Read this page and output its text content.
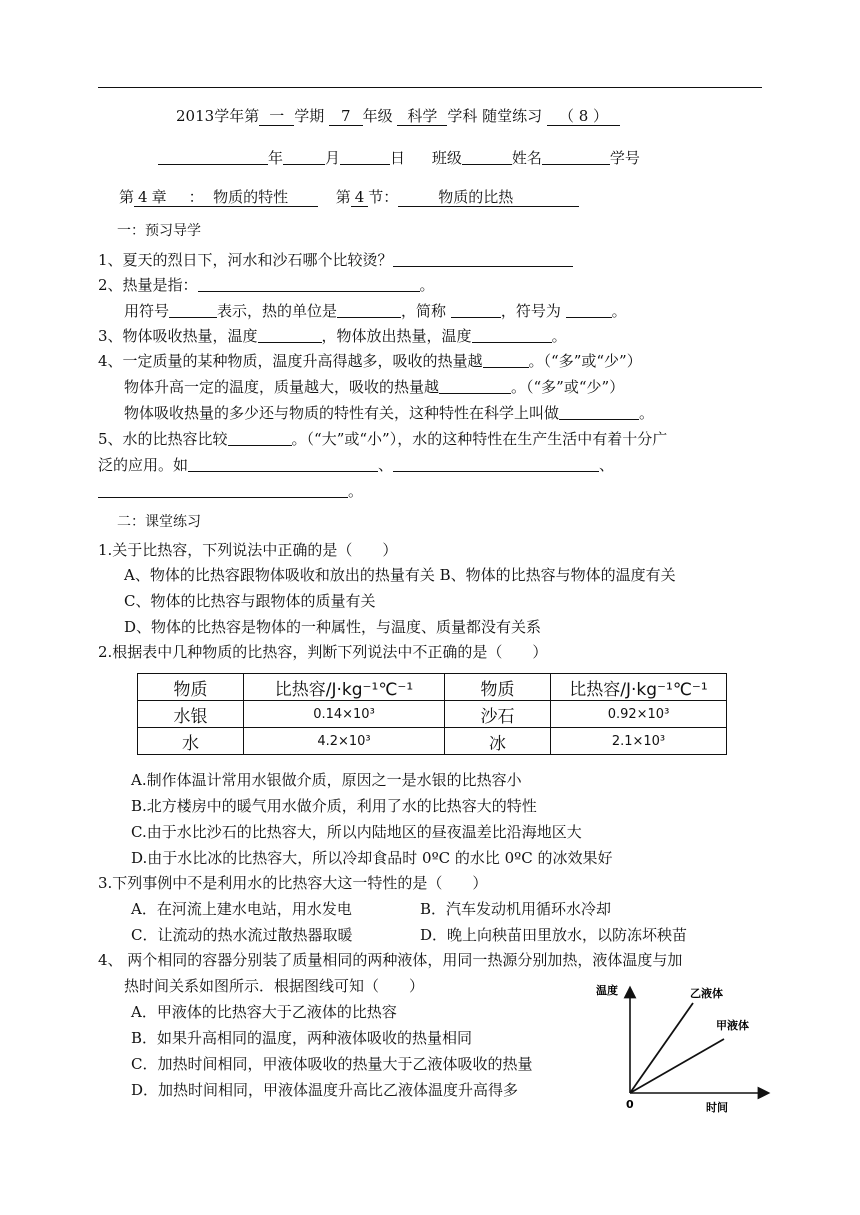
2013学年第 一 学期 7 年级 科学 学科 随堂练习 （ 8 ）
年	月	日 班级	姓名	学号
第 4 章 ：  物质的特性	第 4 节：	物质的比热
一：预习导学
1、夏天的烈日下，河水和沙石哪个比较烫？
2、热量是指：	。
用符号	表示，热的单位是	，简称	，符号为	。
3、物体吸收热量，温度	，物体放出热量，温度	。
4、一定质量的某种物质，温度升高得越多，吸收的热量越	。（“多”或“少”）
物体升高一定的温度，质量越大，吸收的热量越	。（“多”或“少”）
物体吸收热量的多少还与物质的特性有关，这种特性在科学上叫做	。
5、水的比热容比较	。（“大”或“小”），水的这种特性在生产生活中有着十分广
泛的应用。如	、	、
。
二：课堂练习
1.关于比热容，下列说法中正确的是（　　）
A、物体的比热容跟物体吸收和放出的热量有关 B、物体的比热容与物体的温度有关
C、物体的比热容与跟物体的质量有关
D、物体的比热容是物体的一种属性，与温度、质量都没有关系
2.根据表中几种物质的比热容，判断下列说法中不正确的是（　　）
物质	比热容/J·kg⁻¹℃⁻¹	物质	比热容/J·kg⁻¹℃⁻¹
水银	0.14×10³	沙石	0.92×10³
水	4.2×10³	冰	2.1×10³
A.制作体温计常用水银做介质，原因之一是水银的比热容小
B.北方楼房中的暖气用水做介质，利用了水的比热容大的特性
C.由于水比沙石的比热容大，所以内陆地区的昼夜温差比沿海地区大
D.由于水比冰的比热容大，所以冷却食品时 0ºC 的水比 0ºC 的冰效果好
3.下列事例中不是利用水的比热容大这一特性的是（　　）
A．在河流上建水电站，用水发电	B．汽车发动机用循环水冷却
C．让流动的热水流过散热器取暖	D．晚上向秧苗田里放水，以防冻坏秧苗
4、 两个相同的容器分别装了质量相同的两种液体，用同一热源分别加热，液体温度与加
热时间关系如图所示．根据图线可知（　　）
A．甲液体的比热容大于乙液体的比热容
B．如果升高相同的温度，两种液体吸收的热量相同
C．加热时间相同，甲液体吸收的热量大于乙液体吸收的热量
D．加热时间相同，甲液体温度升高比乙液体温度升高得多
温度
时间
0
乙液体
甲液体
